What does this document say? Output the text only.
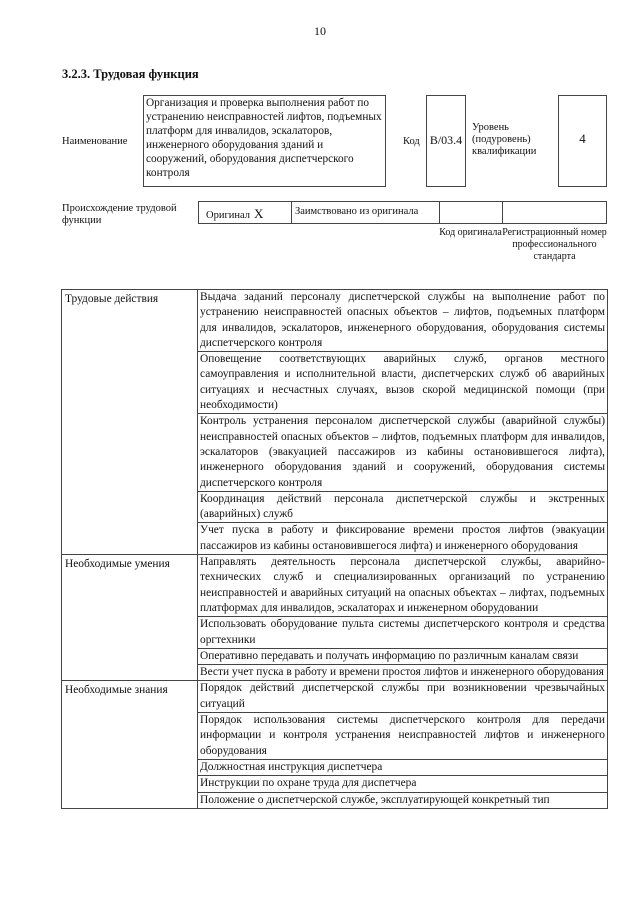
10
3.2.3. Трудовая функция
Наименование
Организация и проверка выполнения работ по устранению неисправностей лифтов, подъемных платформ для инвалидов, эскалаторов, инженерного оборудования зданий и сооружений, оборудования диспетчерского контроля
Код B/03.4
Уровень (подуровень) квалификации
4
Происхождение трудовой функции	Оригинал X	Заимствовано из оригинала
Код оригинала Регистрационный номер профессионального стандарта
Трудовые действия	Выдача заданий персоналу диспетчерской службы на выполнение работ по устранению неисправностей опасных объектов – лифтов, подъемных платформ для инвалидов, эскалаторов, инженерного оборудования, оборудования системы диспетчерского контроля
	Оповещение соответствующих аварийных служб, органов местного самоуправления и исполнительной власти, диспетчерских служб об аварийных ситуациях и несчастных случаях, вызов скорой медицинской помощи (при необходимости)
	Контроль устранения персоналом диспетчерской службы (аварийной службы) неисправностей опасных объектов – лифтов, подъемных платформ для инвалидов, эскалаторов (эвакуацией пассажиров из кабины остановившегося лифта), инженерного оборудования зданий и сооружений, оборудования системы диспетчерского контроля
	Координация действий персонала диспетчерской службы и экстренных (аварийных) служб
	Учет пуска в работу и фиксирование времени простоя лифтов (эвакуации пассажиров из кабины остановившегося лифта) и инженерного оборудования
Необходимые умения	Направлять деятельность персонала диспетчерской службы, аварийно-технических служб и специализированных организаций по устранению неисправностей и аварийных ситуаций на опасных объектах – лифтах, подъемных платформах для инвалидов, эскалаторах и инженерном оборудовании
	Использовать оборудование пульта системы диспетчерского контроля и средства оргтехники
	Оперативно передавать и получать информацию по различным каналам связи
	Вести учет пуска в работу и времени простоя лифтов и инженерного оборудования
Необходимые знания	Порядок действий диспетчерской службы при возникновении чрезвычайных ситуаций
	Порядок использования системы диспетчерского контроля для передачи информации и контроля устранения неисправностей лифтов и инженерного оборудования
	Должностная инструкция диспетчера
	Инструкции по охране труда для диспетчера
	Положение о диспетчерской службе, эксплуатирующей конкретный тип
